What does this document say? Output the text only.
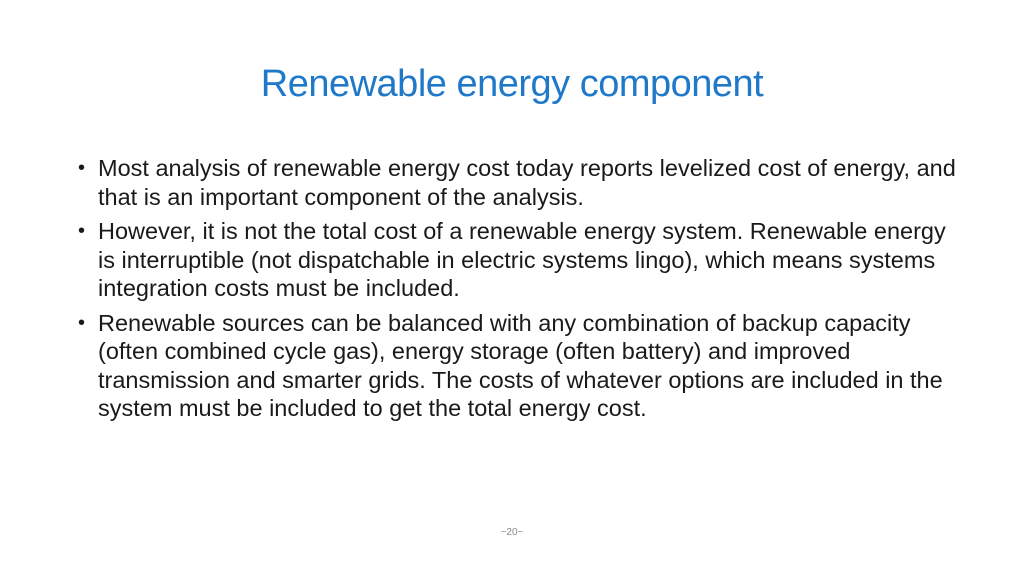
Renewable energy component
• Most analysis of renewable energy cost today reports levelized cost of energy, and that is an important component of the analysis.
• However, it is not the total cost of a renewable energy system. Renewable energy is interruptible (not dispatchable in electric systems lingo), which means systems integration costs must be included.
• Renewable sources can be balanced with any combination of backup capacity (often combined cycle gas), energy storage (often battery) and improved transmission and smarter grids. The costs of whatever options are included in the system must be included to get the total energy cost.
~20~
